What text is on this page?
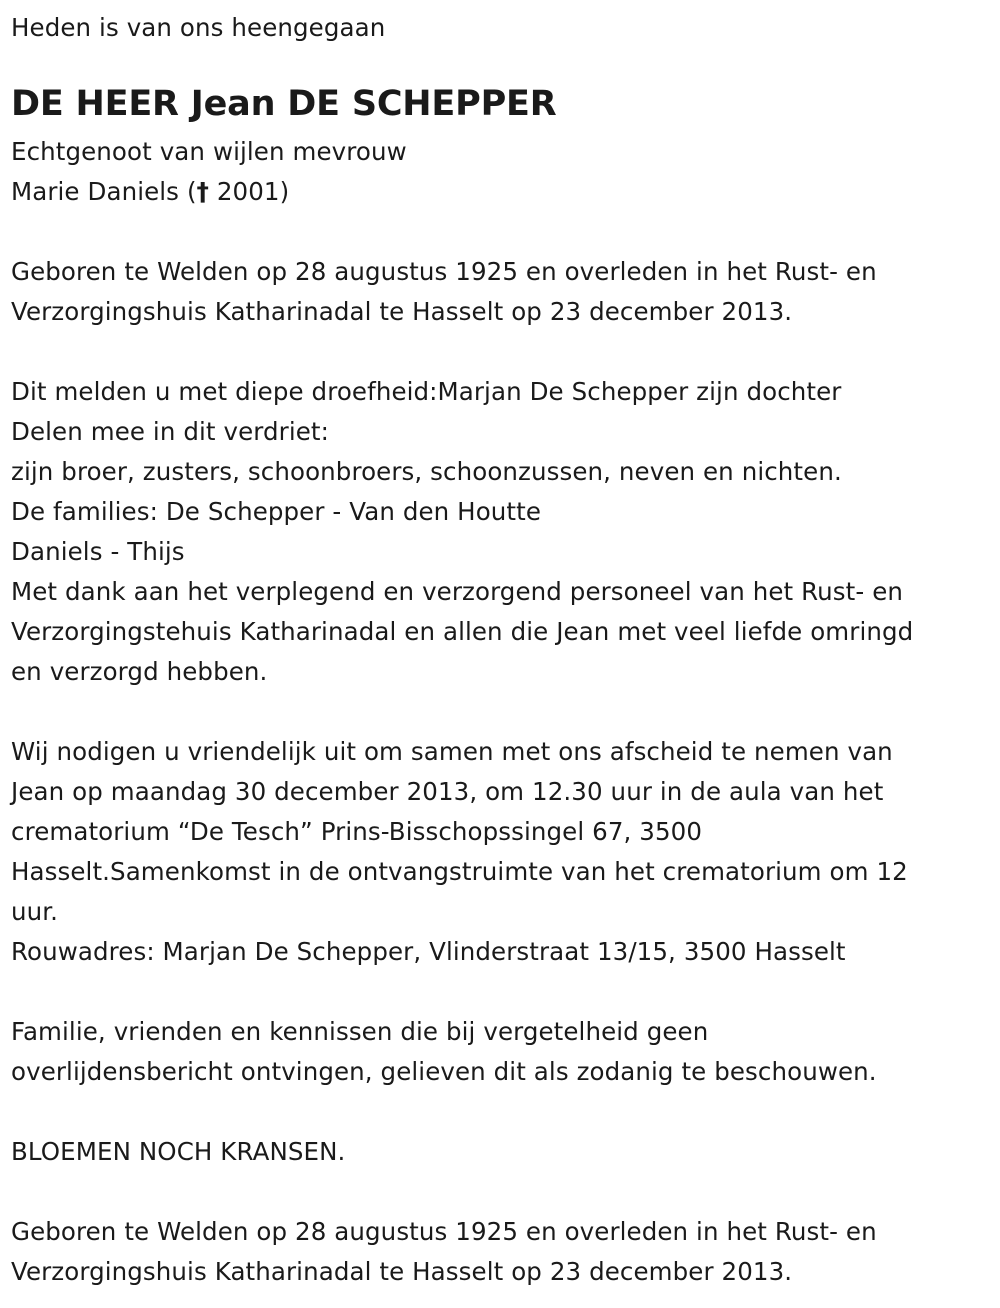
Heden is van ons heengegaan
DE HEER Jean DE SCHEPPER
Echtgenoot van wijlen mevrouw
Marie Daniels († 2001)
Geboren te Welden op 28 augustus 1925 en overleden in het Rust- en
Verzorgingshuis Katharinadal te Hasselt op 23 december 2013.
Dit melden u met diepe droefheid:Marjan De Schepper zijn dochter
Delen mee in dit verdriet:
zijn broer, zusters, schoonbroers, schoonzussen, neven en nichten.
De families: De Schepper - Van den Houtte
Daniels - Thijs
Met dank aan het verplegend en verzorgend personeel van het Rust- en
Verzorgingstehuis Katharinadal en allen die Jean met veel liefde omringd
en verzorgd hebben.
Wij nodigen u vriendelijk uit om samen met ons afscheid te nemen van
Jean op maandag 30 december 2013, om 12.30 uur in de aula van het
crematorium “De Tesch” Prins-Bisschopssingel 67, 3500
Hasselt.Samenkomst in de ontvangstruimte van het crematorium om 12
uur.
Rouwadres: Marjan De Schepper, Vlinderstraat 13/15, 3500 Hasselt
Familie, vrienden en kennissen die bij vergetelheid geen
overlijdensbericht ontvingen, gelieven dit als zodanig te beschouwen.
BLOEMEN NOCH KRANSEN.
Geboren te Welden op 28 augustus 1925 en overleden in het Rust- en
Verzorgingshuis Katharinadal te Hasselt op 23 december 2013.
